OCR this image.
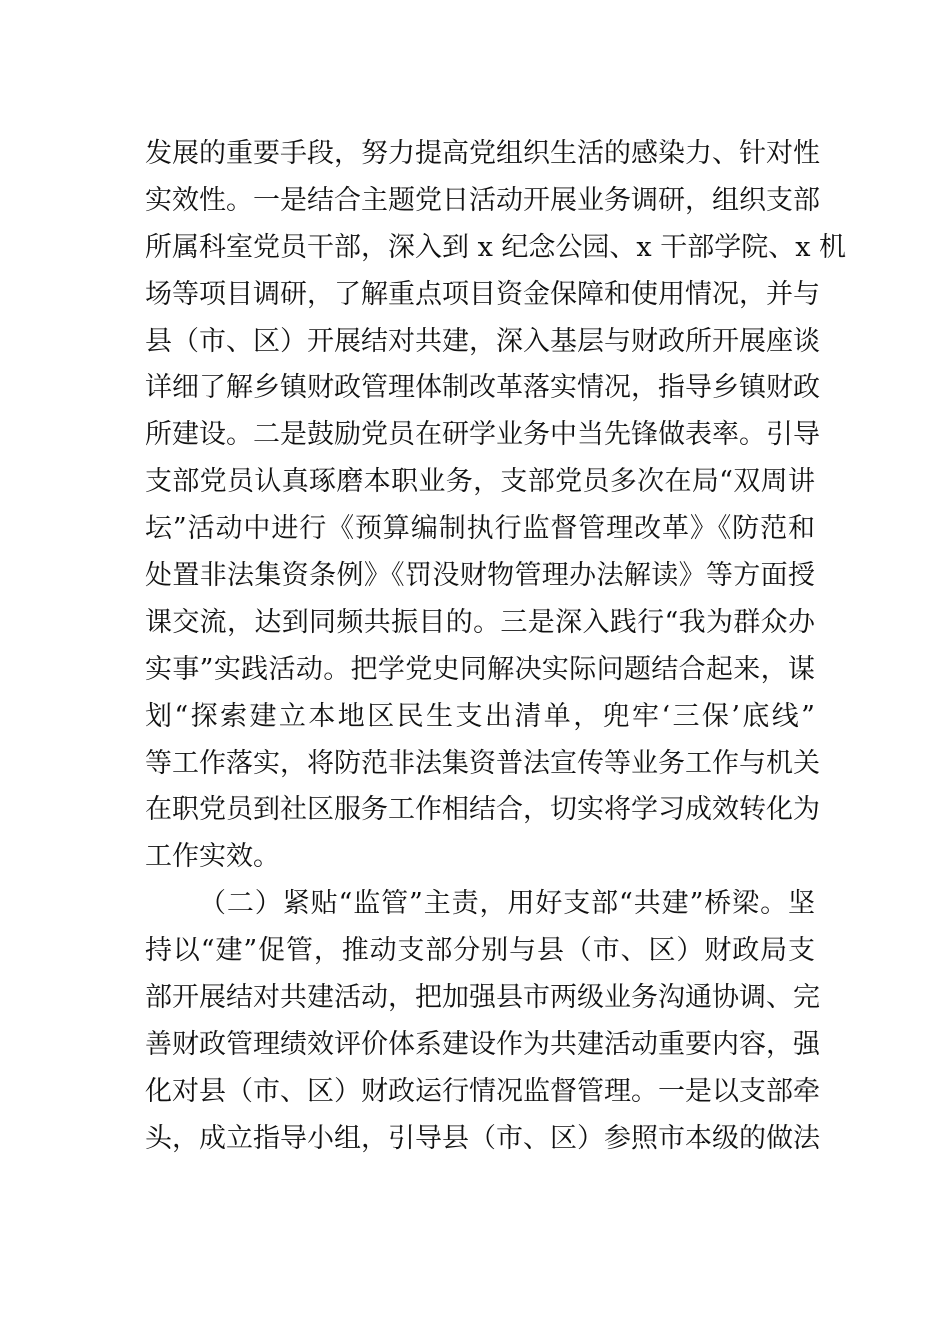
发展的重要手段，努力提高党组织生活的感染力、针对性
实效性。一是结合主题党日活动开展业务调研，组织支部
所属科室党员干部，深入到 x 纪念公园、x 干部学院、x 机
场等项目调研，了解重点项目资金保障和使用情况，并与
县（市、区）开展结对共建，深入基层与财政所开展座谈
详细了解乡镇财政管理体制改革落实情况，指导乡镇财政
所建设。二是鼓励党员在研学业务中当先锋做表率。引导
支部党员认真琢磨本职业务，支部党员多次在局“双周讲
坛”活动中进行《预算编制执行监督管理改革》《防范和
处置非法集资条例》《罚没财物管理办法解读》等方面授
课交流，达到同频共振目的。三是深入践行“我为群众办
实事”实践活动。把学党史同解决实际问题结合起来，谋
划“探索建立本地区民生支出清单，兜牢‘三保’底线”
等工作落实，将防范非法集资普法宣传等业务工作与机关
在职党员到社区服务工作相结合，切实将学习成效转化为
工作实效。
（二）紧贴“监管”主责，用好支部“共建”桥梁。坚
持以“建”促管，推动支部分别与县（市、区）财政局支
部开展结对共建活动，把加强县市两级业务沟通协调、完
善财政管理绩效评价体系建设作为共建活动重要内容，强
化对县（市、区）财政运行情况监督管理。一是以支部牵
头，成立指导小组，引导县（市、区）参照市本级的做法
